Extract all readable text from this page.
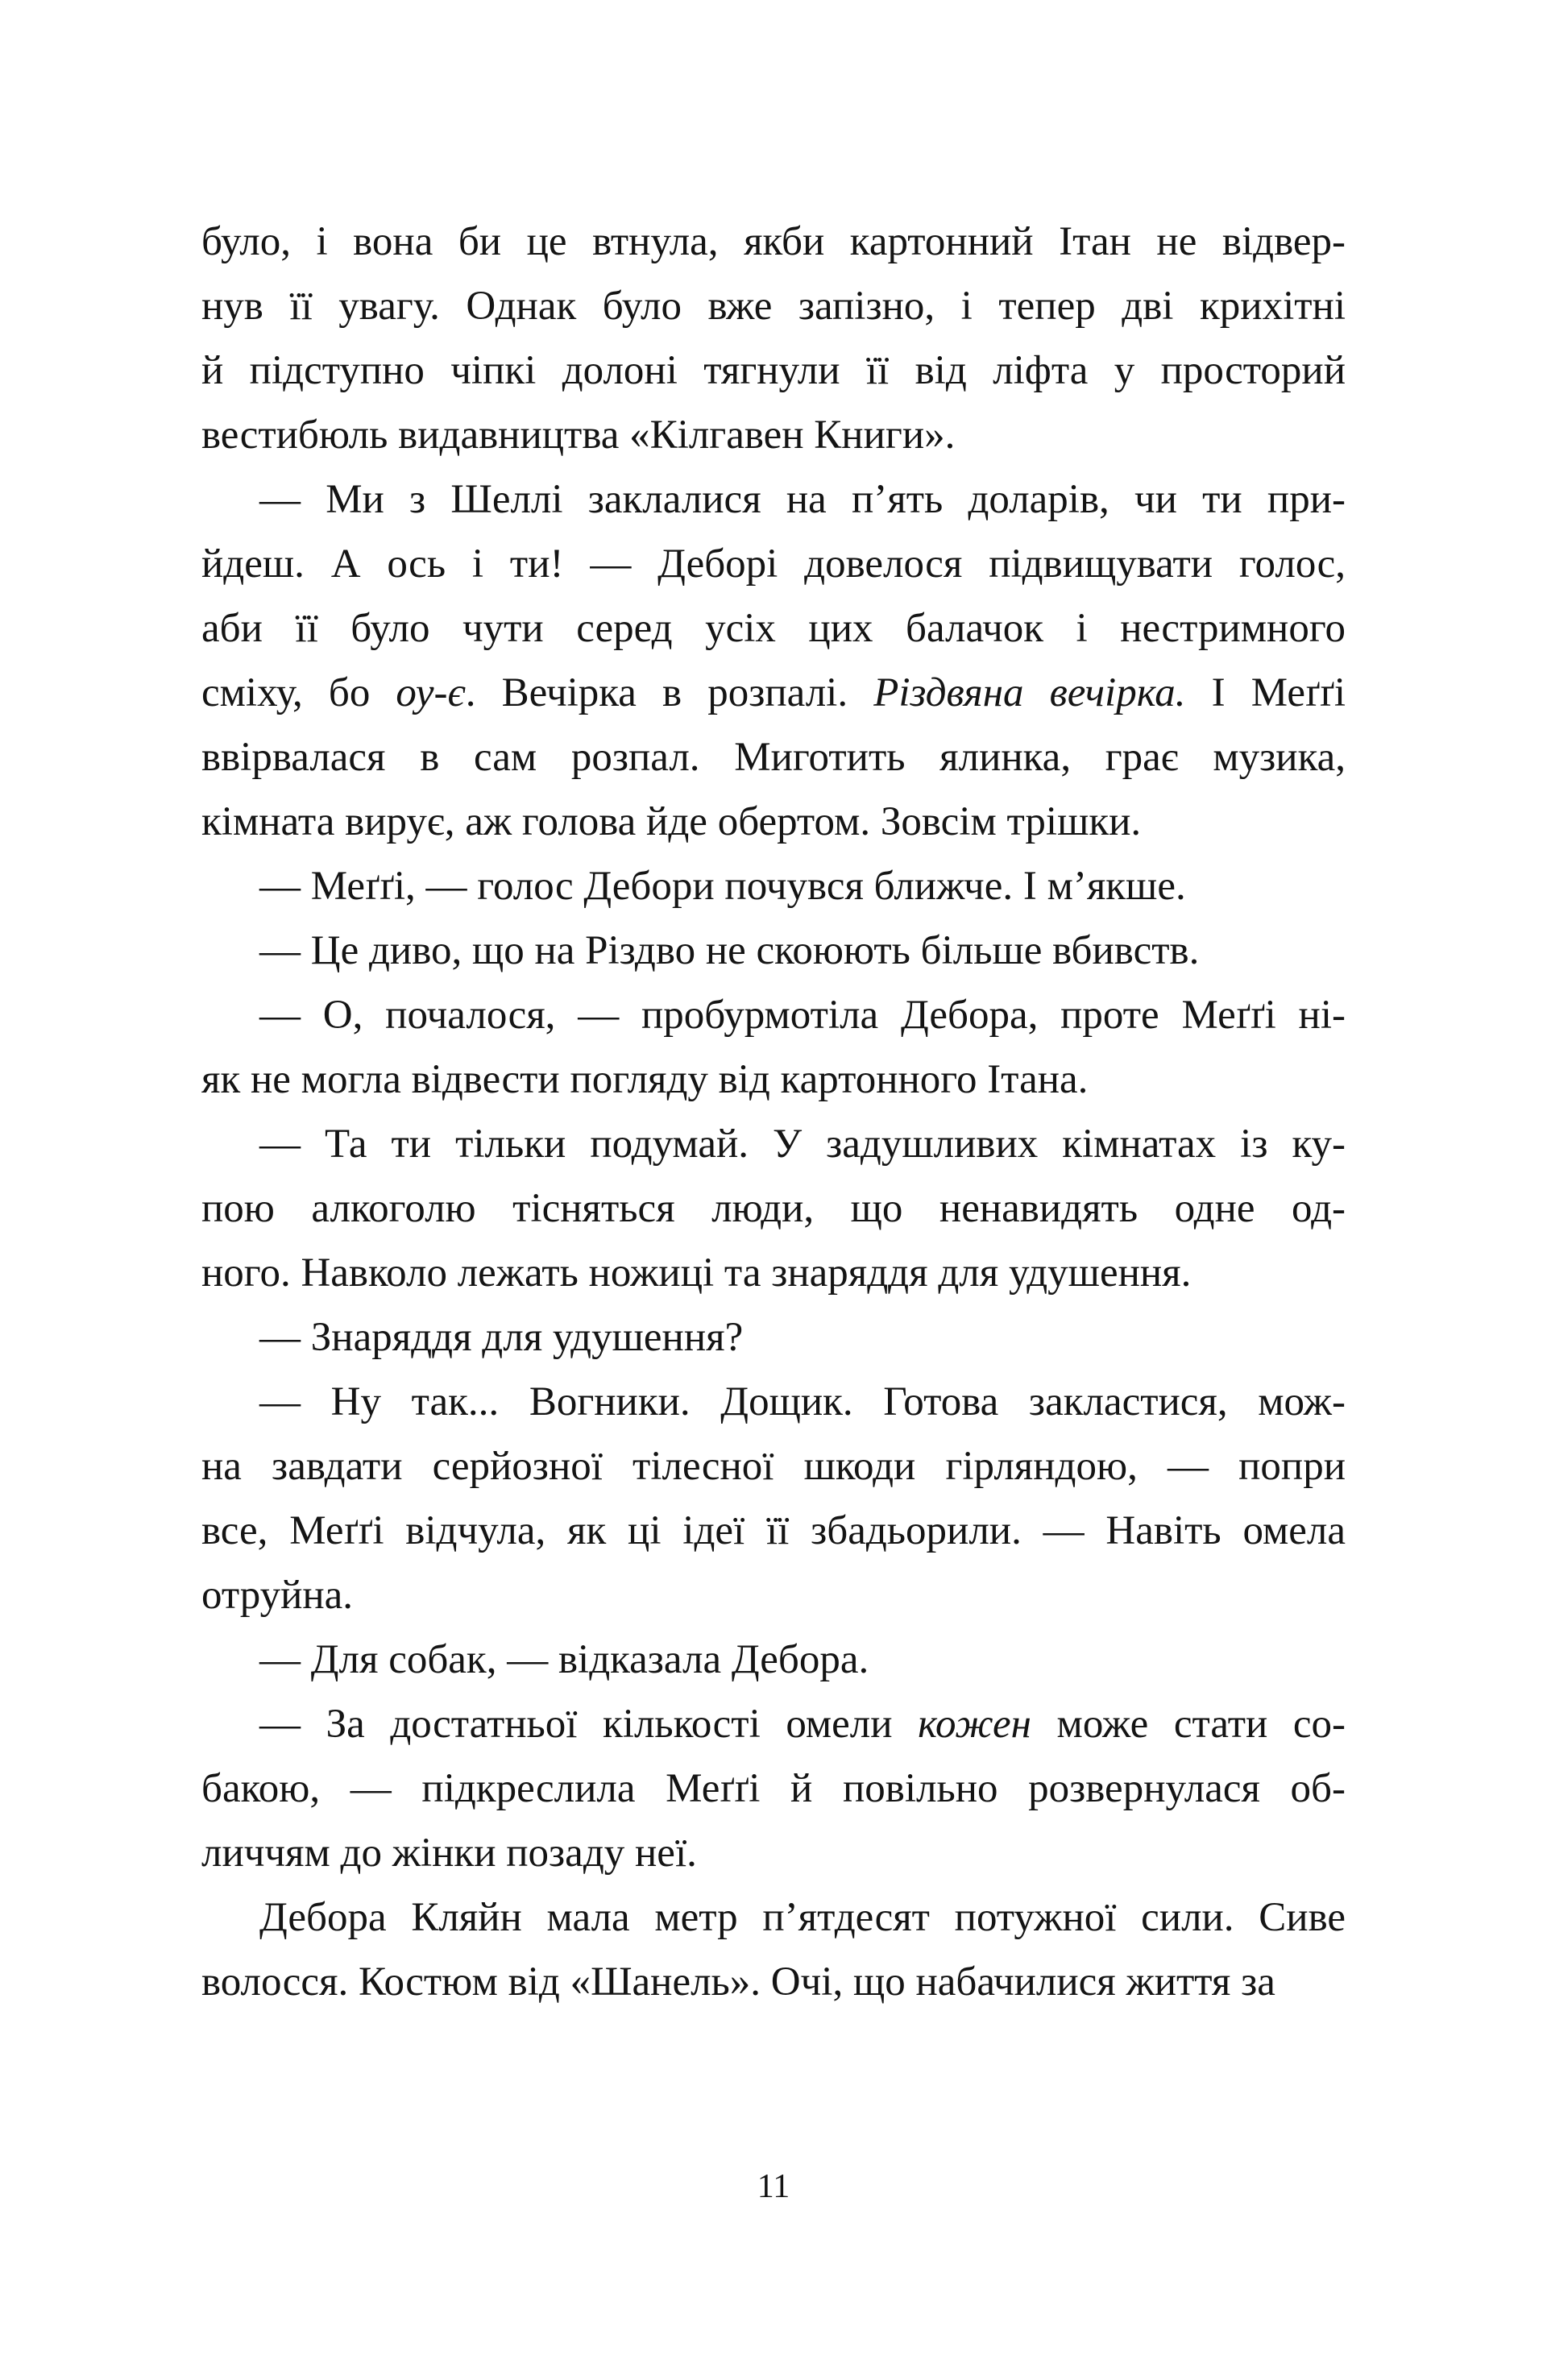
було, і вона би це втнула, якби картонний Ітан не відвер-
нув її увагу. Однак було вже запізно, і тепер дві крихітні
й підступно чіпкі долоні тягнули її від ліфта у просторий
вестибюль видавництва «Кілгавен Книги».
— Ми з Шеллі заклалися на п’ять доларів, чи ти при-
йдеш. А ось і ти! — Деборі довелося підвищувати голос,
аби її було чути серед усіх цих балачок і нестримного
сміху, бо оу-є. Вечірка в розпалі. Різдвяна вечірка. І Меґґі
ввірвалася в сам розпал. Миготить ялинка, грає музика,
кімната вирує, аж голова йде обертом. Зовсім трішки.
— Меґґі, — голос Дебори почувся ближче. І м’якше.
— Це диво, що на Різдво не скоюють більше вбивств.
— О, почалося, — пробурмотіла Дебора, проте Меґґі ні-
як не могла відвести погляду від картонного Ітана.
— Та ти тільки подумай. У задушливих кімнатах із ку-
пою алкоголю тісняться люди, що ненавидять одне од-
ного. Навколо лежать ножиці та знаряддя для удушення.
— Знаряддя для удушення?
— Ну так... Вогники. Дощик. Готова закластися, мож-
на завдати серйозної тілесної шкоди гірляндою, — попри
все, Меґґі відчула, як ці ідеї її збадьорили. — Навіть омела
отруйна.
— Для собак, — відказала Дебора.
— За достатньої кількості омели кожен може стати со-
бакою, — підкреслила Меґґі й повільно розвернулася об-
личчям до жінки позаду неї.
Дебора Кляйн мала метр п’ятдесят потужної сили. Сиве
волосся. Костюм від «Шанель». Очі, що набачилися життя за
11
